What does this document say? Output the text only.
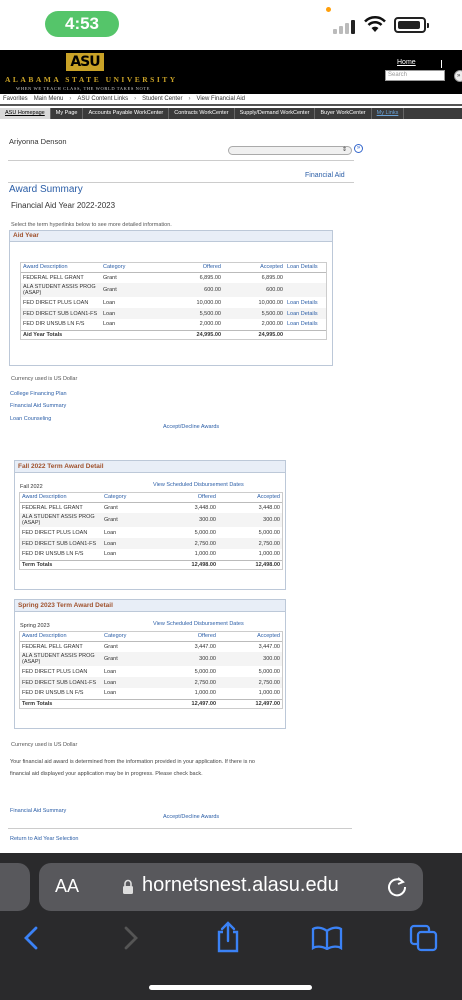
4:53
ASU
ALABAMA STATE UNIVERSITY
WHEN WE TEACH CLASS, THE WORLD TAKES NOTE
Home
Search	»
Favorites Main Menu › ASU Content Links › Student Center › View Financial Aid
ASU Homepage	My Page	Accounts Payable WorkCenter	Contracts WorkCenter	Supply/Demand WorkCenter	Buyer WorkCenter	My Links
Ariyonna Denson
⇕	»
Financial Aid
Award Summary
Financial Aid Year 2022-2023
Select the term hyperlinks below to see more detailed information.
Aid Year
Award Description	Category	Offered	Accepted	Loan Details
FEDERAL PELL GRANT	Grant	6,895.00	6,895.00	
ALA STUDENT ASSIS PROG (ASAP)	Grant	600.00	600.00	
FED DIRECT PLUS LOAN	Loan	10,000.00	10,000.00	Loan Details
FED DIRECT SUB LOAN1-FS	Loan	5,500.00	5,500.00	Loan Details
FED DIR UNSUB LN F/S	Loan	2,000.00	2,000.00	Loan Details
Aid Year Totals		24,995.00	24,995.00	
Currency used is US Dollar
College Financing Plan
Financial Aid Summary
Loan Counseling
Accept/Decline Awards
Fall 2022 Term Award Detail
View Scheduled Disbursement Dates
Fall 2022
Award Description	Category	Offered	Accepted
FEDERAL PELL GRANT	Grant	3,448.00	3,448.00
ALA STUDENT ASSIS PROG (ASAP)	Grant	300.00	300.00
FED DIRECT PLUS LOAN	Loan	5,000.00	5,000.00
FED DIRECT SUB LOAN1-FS	Loan	2,750.00	2,750.00
FED DIR UNSUB LN F/S	Loan	1,000.00	1,000.00
Term Totals		12,498.00	12,498.00
Spring 2023 Term Award Detail
View Scheduled Disbursement Dates
Spring 2023
Award Description	Category	Offered	Accepted
FEDERAL PELL GRANT	Grant	3,447.00	3,447.00
ALA STUDENT ASSIS PROG (ASAP)	Grant	300.00	300.00
FED DIRECT PLUS LOAN	Loan	5,000.00	5,000.00
FED DIRECT SUB LOAN1-FS	Loan	2,750.00	2,750.00
FED DIR UNSUB LN F/S	Loan	1,000.00	1,000.00
Term Totals		12,497.00	12,497.00
Currency used is US Dollar
Your financial aid award is determined from the information provided in your application. If there is no financial aid displayed your application may be in progress. Please check back.
Financial Aid Summary
Accept/Decline Awards
Return to Aid Year Selection
AA	hornetsnest.alasu.edu
